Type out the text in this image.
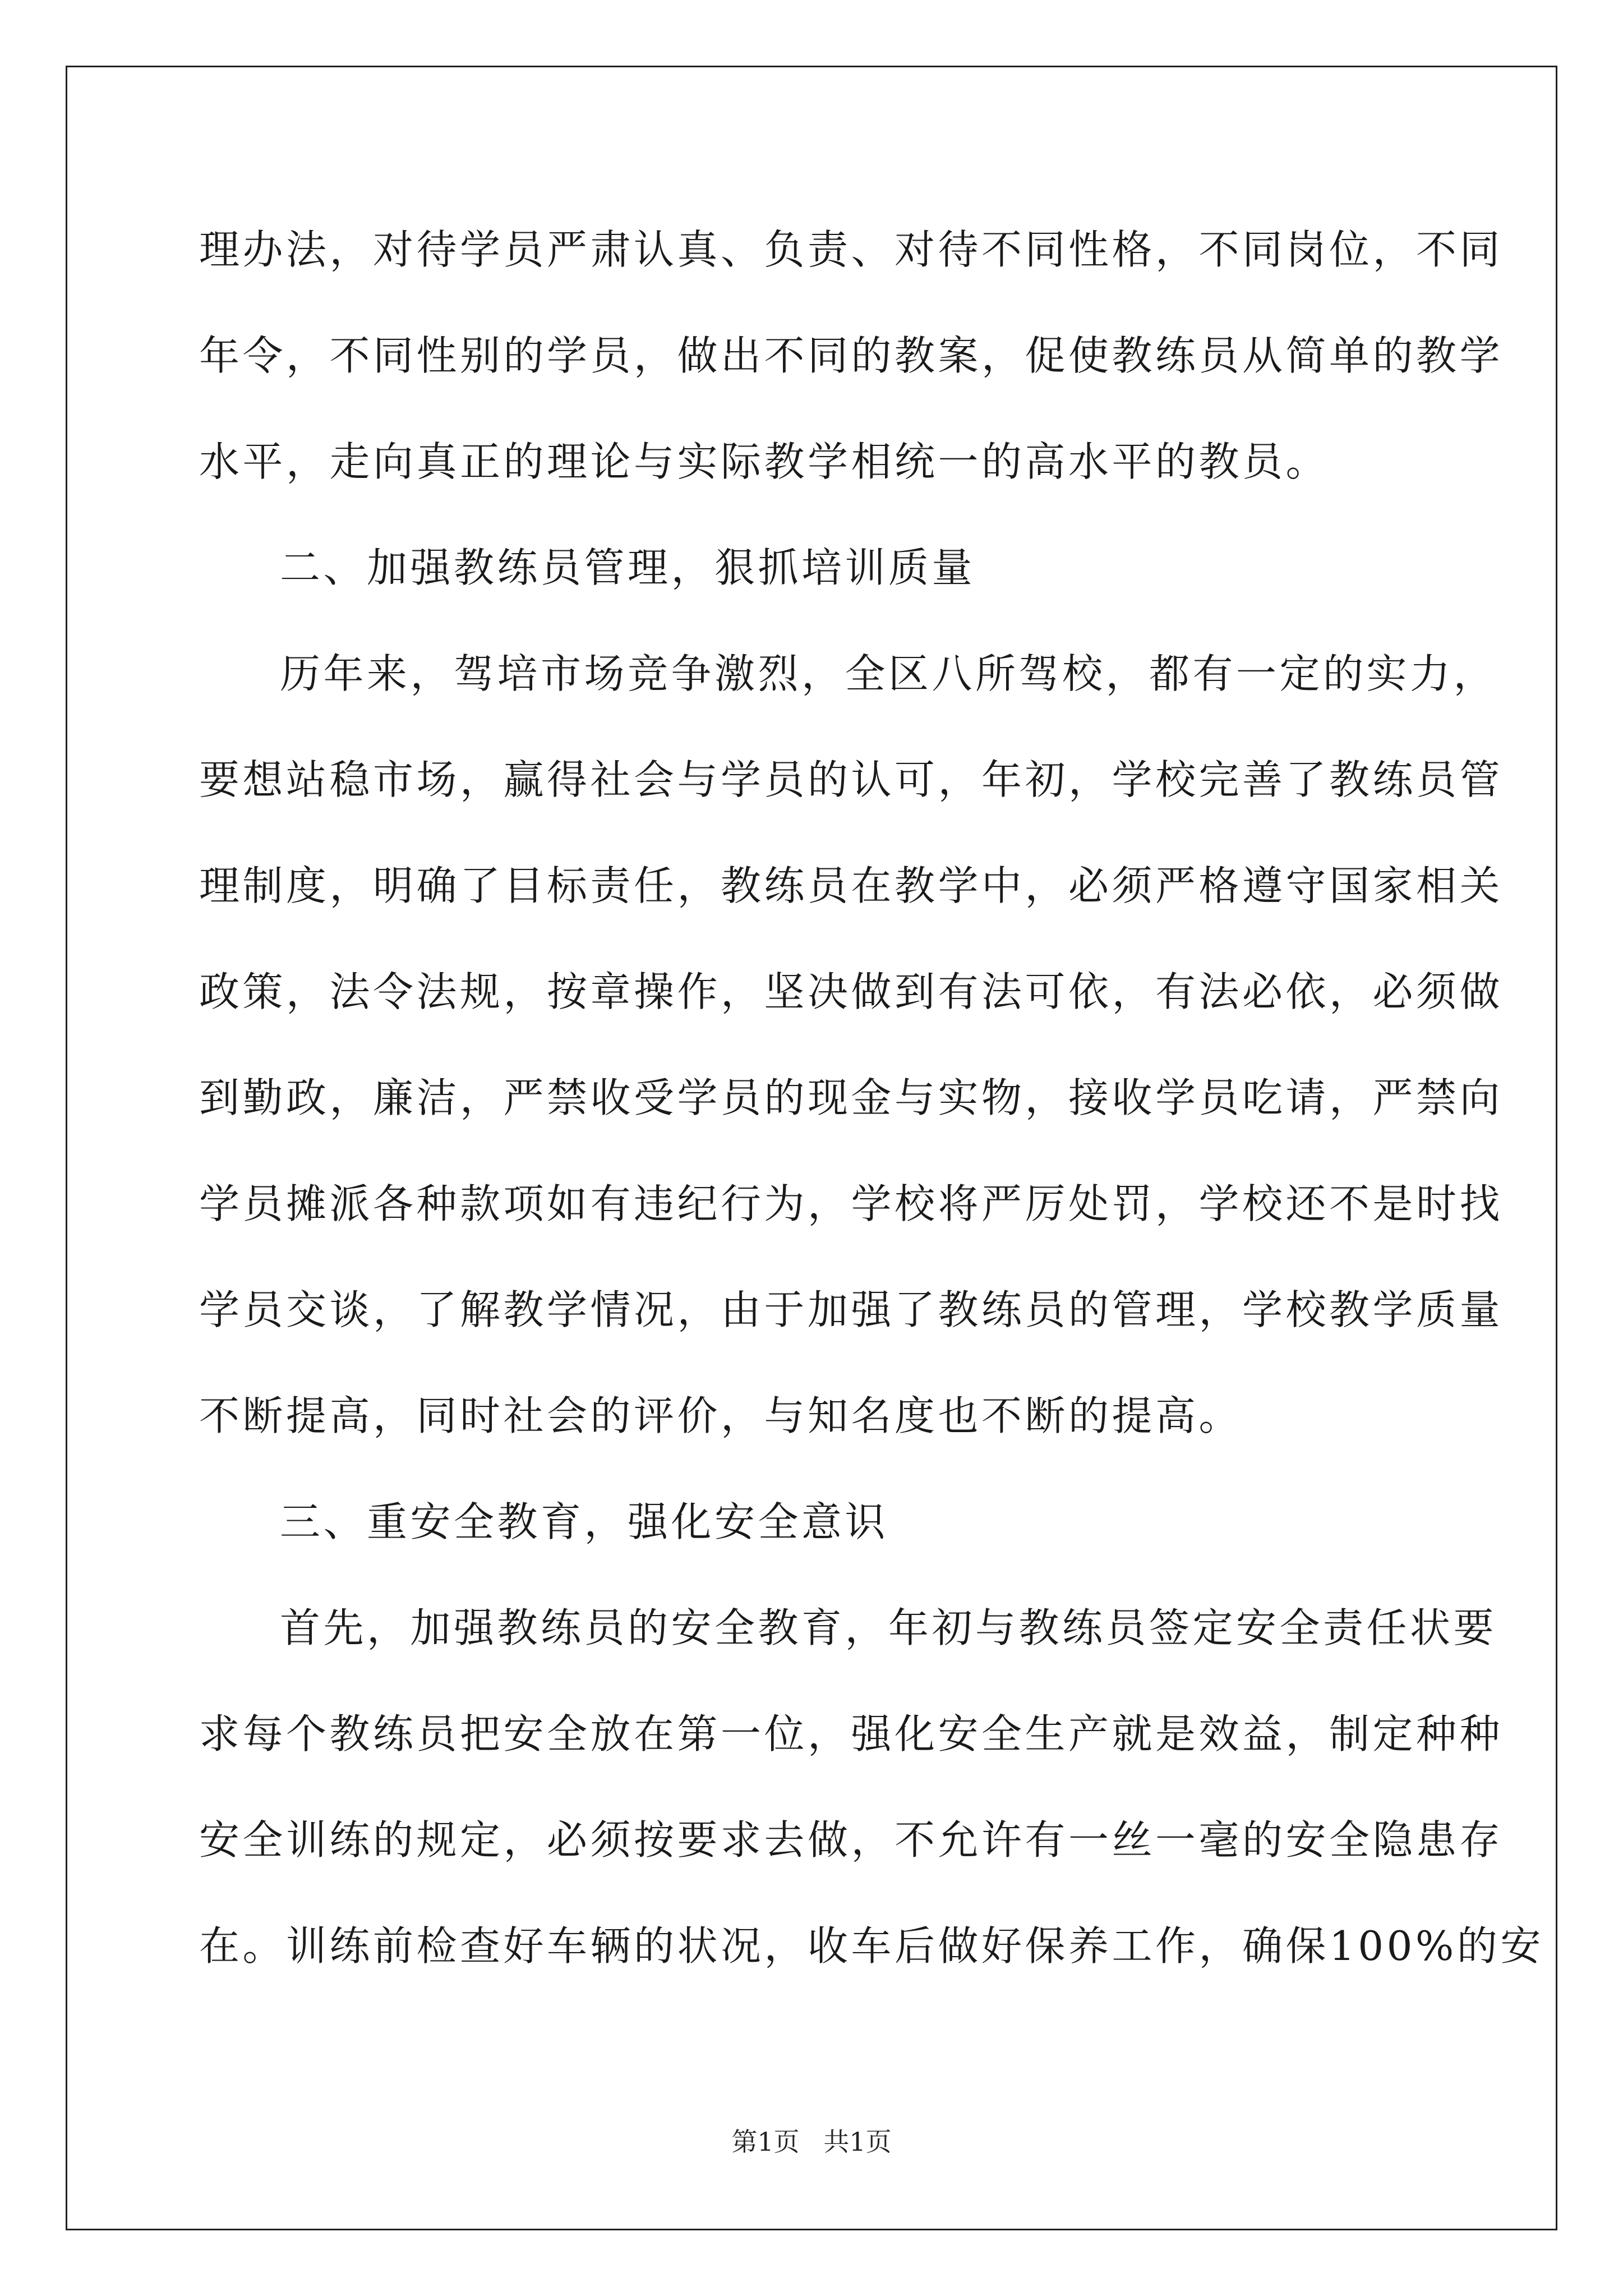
理办法，对待学员严肃认真、负责、对待不同性格，不同岗位，不同
年令，不同性别的学员，做出不同的教案，促使教练员从简单的教学
水平，走向真正的理论与实际教学相统一的高水平的教员。
二、加强教练员管理，狠抓培训质量
历年来，驾培市场竞争激烈，全区八所驾校，都有一定的实力，
要想站稳市场，赢得社会与学员的认可，年初，学校完善了教练员管
理制度，明确了目标责任，教练员在教学中，必须严格遵守国家相关
政策，法令法规，按章操作，坚决做到有法可依，有法必依，必须做
到勤政，廉洁，严禁收受学员的现金与实物，接收学员吃请，严禁向
学员摊派各种款项如有违纪行为，学校将严厉处罚，学校还不是时找
学员交谈，了解教学情况，由于加强了教练员的管理，学校教学质量
不断提高，同时社会的评价，与知名度也不断的提高。
三、重安全教育，强化安全意识
首先，加强教练员的安全教育，年初与教练员签定安全责任状要
求每个教练员把安全放在第一位，强化安全生产就是效益，制定种种
安全训练的规定，必须按要求去做，不允许有一丝一毫的安全隐患存
在。训练前检查好车辆的状况，收车后做好保养工作，确保100%的安
第1页 共1页
